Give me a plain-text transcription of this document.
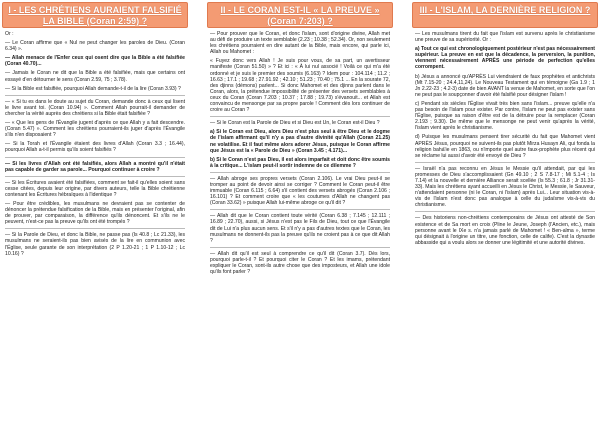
I - LES CHRÉTIENS AURAIENT FALSIFIÉ
LA BIBLE (Coran 2:59) ?

Or :

— Le Coran affirme que « Nul ne peut changer les paroles de Dieu. (Coran 6.34) ».

— Allah menace de l'Enfer ceux qui osent dire que la Bible a été falsifiée (Coran 40.70)...

— Jamais le Coran ne dit que la Bible a été falsifiée, mais que certains ont essayé d'en détourner le sens (Coran 2.59, 75 ; 3.78).

— Si la Bible est falsifiée, pourquoi Allah demande-t-il de la lire (Coran 3.93) ?

— « Si tu es dans le doute au sujet du Coran, demande donc à ceux qui lisent le livre avant toi. (Coran 10.94) ». Comment Allah pourrait-il demander de chercher la vérité auprès des chrétiens si la Bible était falsifiée ?

— « Que les gens de l'Évangile jugent d'après ce que Allah y a fait descendre. (Coran 5.47) ». Comment les chrétiens pourraient-ils juger d'après l'Évangile s'ils n'en disposaient ?

— Si la Torah et l'Évangile étaient des livres d'Allah (Coran 3.3 ; 16.44), pourquoi Allah a-t-il permis qu'ils soient falsifiés ?

— Si les livres d'Allah ont été falsifiés, alors Allah a montré qu'il n'était pas capable de garder sa parole... Pourquoi continuer à croire ?

— Si les Écritures avaient été falsifiées, comment se fait-il qu'elles soient sans cesse citées, depuis leur origine, par divers auteurs, telle la Bible chrétienne contenant les Écritures hébraïques à l'identique ?

— Pour être crédibles, les musulmans ne devraient pas se contenter de dénoncer la prétendue falsification de la Bible, mais en présenter l'original, afin de prouver, par comparaison, la différence qu'ils dénoncent. Et s'ils ne le peuvent, n'est-ce pas la preuve qu'ils ont été trompés ?

— Si la Parole de Dieu, et donc la Bible, ne passe pas (Is 40.8 ; Lc 21.33), les musulmans ne seraient-ils pas bien avisés de la lire en communion avec l'Église, seule garante de son interprétation (2 P 1.20-21 ; 1 P 1.10-12 ; Lc 10.16) ?

II - LE CORAN EST-IL « LA PREUVE »
(Coran 7:203) ?

— Pour prouver que le Coran, et donc l'islam, sont d'origine divine, Allah met au défi de produire un texte semblable (2.23 ; 10.38 ; 52.34). Or, non seulement les chrétiens pourraient en dire autant de la Bible, mais encore, qui parle ici, Allah ou Mahomet :

« Fuyez donc vers Allah ! Je suis pour vous, de sa part, un avertisseur manifeste (Coran 51.50) » ? Et ici : « À lui nul associé ! Voilà ce qui m'a été ordonné et je suis le premier des soumis (6.163) ? Idem pour : 104.114 ; 11.2 ; 16.63 ; 17.1 ; 19.68 ; 27.91.92 ; 42.10 ; 51.23 ; 70.40 ; 75.1 ... En la sourate 72, des djinns (démons) parlent... Si donc Mahomet et des djinns parlent dans le Coran, alors, la prétendue impossibilité de présenter des versets semblables à ceux du Coran (Coran 7.203 ; 10.37 ; 17.88 ; 19.73) s'évanouit... et Allah est convaincu de mensonge par sa propre parole ! Comment dès lors continuer de croire au Coran ?

— Si le Coran est la Parole de Dieu et si Dieu est Un, le Coran est-il Dieu ?

a) Si le Coran est Dieu, alors Dieu n'est plus seul à être Dieu et le dogme de l'islam affirmant qu'il n'y a pas d'autre divinité qu'Allah (Coran 21.25) ne volatilise. Et il faut même alors adorer Jésus, puisque le Coran affirme que Jésus est la « Parole de Dieu » (Coran 3.45 ; 4.171)...

b) Si le Coran n'est pas Dieu, il est alors imparfait et doit donc être soumis à la critique... L'islam peut-il sortir indemne de ce dilemme ?

— Allah abroge ses propres versets (Coran 2.106). Le vrai Dieu peut-il se tromper au point de devoir ainsi se corriger ? Comment le Coran peut-il être immuable (Coran 6.115 ; 6.64) s'il contient des versets abrogés (Coran 2.106 ; 16.101) ? Et comment croire que « les coutumes d'Allah ne changent pas (Coran 33.62) » puisque Allah lui-même abroge ce qu'il dit ?

— Allah dit que le Coran contient toute vérité (Coran 6.38 ; 7.145 ; 12.111 ; 16.89 ; 22.70), aussi, si Jésus n'est pas le Fils de Dieu, tout ce que l'Évangile dit de Lui n'a plus aucun sens. Et s'il n'y a pas d'autres textes que le Coran, les musulmans ne donnent-ils pas la preuve qu'ils ne croient pas à ce que dit Allah ?

— Allah dit qu'il est seul à comprendre ce qu'il dit (Coran 3.7). Dès lors, pourquoi parle-t-il ? Et pourquoi citer le Coran ? Et les imams, prétendant expliquer le Coran, sont-ils autre chose que des imposteurs, et Allah une idole qu'ils font parler ?

III - L'ISLAM, LA DERNIÈRE RELIGION ?

— Les musulmans tirent du fait que l'islam est survenu après le christianisme une preuve de sa supériorité. Or :

a) Tout ce qui est chronologiquement postérieur n'est pas nécessairement supérieur. La preuve en est que la décadence, la perversion, la punition, viennent nécessairement APRÈS une période de perfection qu'elles corrompent.

b) Jésus a annoncé qu'APRÈS Lui viendraient de faux prophètes et antichrists (Mt 7.15-20 ; 24.4,11,24). Le Nouveau Testament qui en témoigne (Ga 1.9 ; 1 Jn 2.22-23 ; 4.2-3) date de bien AVANT la venue de Mahomet, en sorte que l'on ne peut pas le soupçonner d'avoir été falsifié pour désigner l'islam !

c) Pendant six siècles l'Église vivait très bien sans l'islam... preuve qu'elle n'a pas besoin de l'islam pour exister. Par contre, l'islam ne peut pas exister sans l'Église, puisque sa raison d'être est de la détruire pour la remplacer (Coran 2.193 ; 9.30). De même que le mensonge ne peut venir qu'après la vérité, l'islam vient après le christianisme.

d) Puisque les musulmans pensent tirer sécurité du fait que Mahomet vient APRÈS Jésus, pourquoi ne suivent-ils pas plutôt Mirza Husayn Ali, qui fonda la religion bahá'ie en 1863, ou n'importe quel autre faux-prophète plus récent qui se réclame lui aussi d'avoir été envoyé de Dieu ?

— Israël n'a pas reconnu en Jésus le Messie qu'il attendait, par qui les promesses de Dieu s'accomplissaient (Gn 49.10 ; 2 S 7.8-17 ; Mi 5.1-4 ; Is 7.14) et la nouvelle et dernière Alliance serait scellée (Is 55.3 ; 61.8 ; Jr 31.31-33). Mais les chrétiens ayant accueilli en Jésus le Christ, le Messie, le Sauveur, n'attendaient personne (ni le Coran, ni l'islam) après Lui... Leur situation vis-à-vis de l'islam n'est donc pas analogue à celle du judaïsme vis-à-vis du christianisme.

— Des historiens non-chrétiens contemporains de Jésus ont attesté de Son existence et de Sa mort en croix (Pline le Jeune, Joseph (l'Ancien, etc.), mais personne avant le IXe s. n'a jamais parlé de Mahomet ! « Ben-alma », terme qui désignait à l'origine un titre, une fonction, celle de calife). C'est la dynastie abbasside qui a voulu alors se donner une légitimité et une autorité divines.
